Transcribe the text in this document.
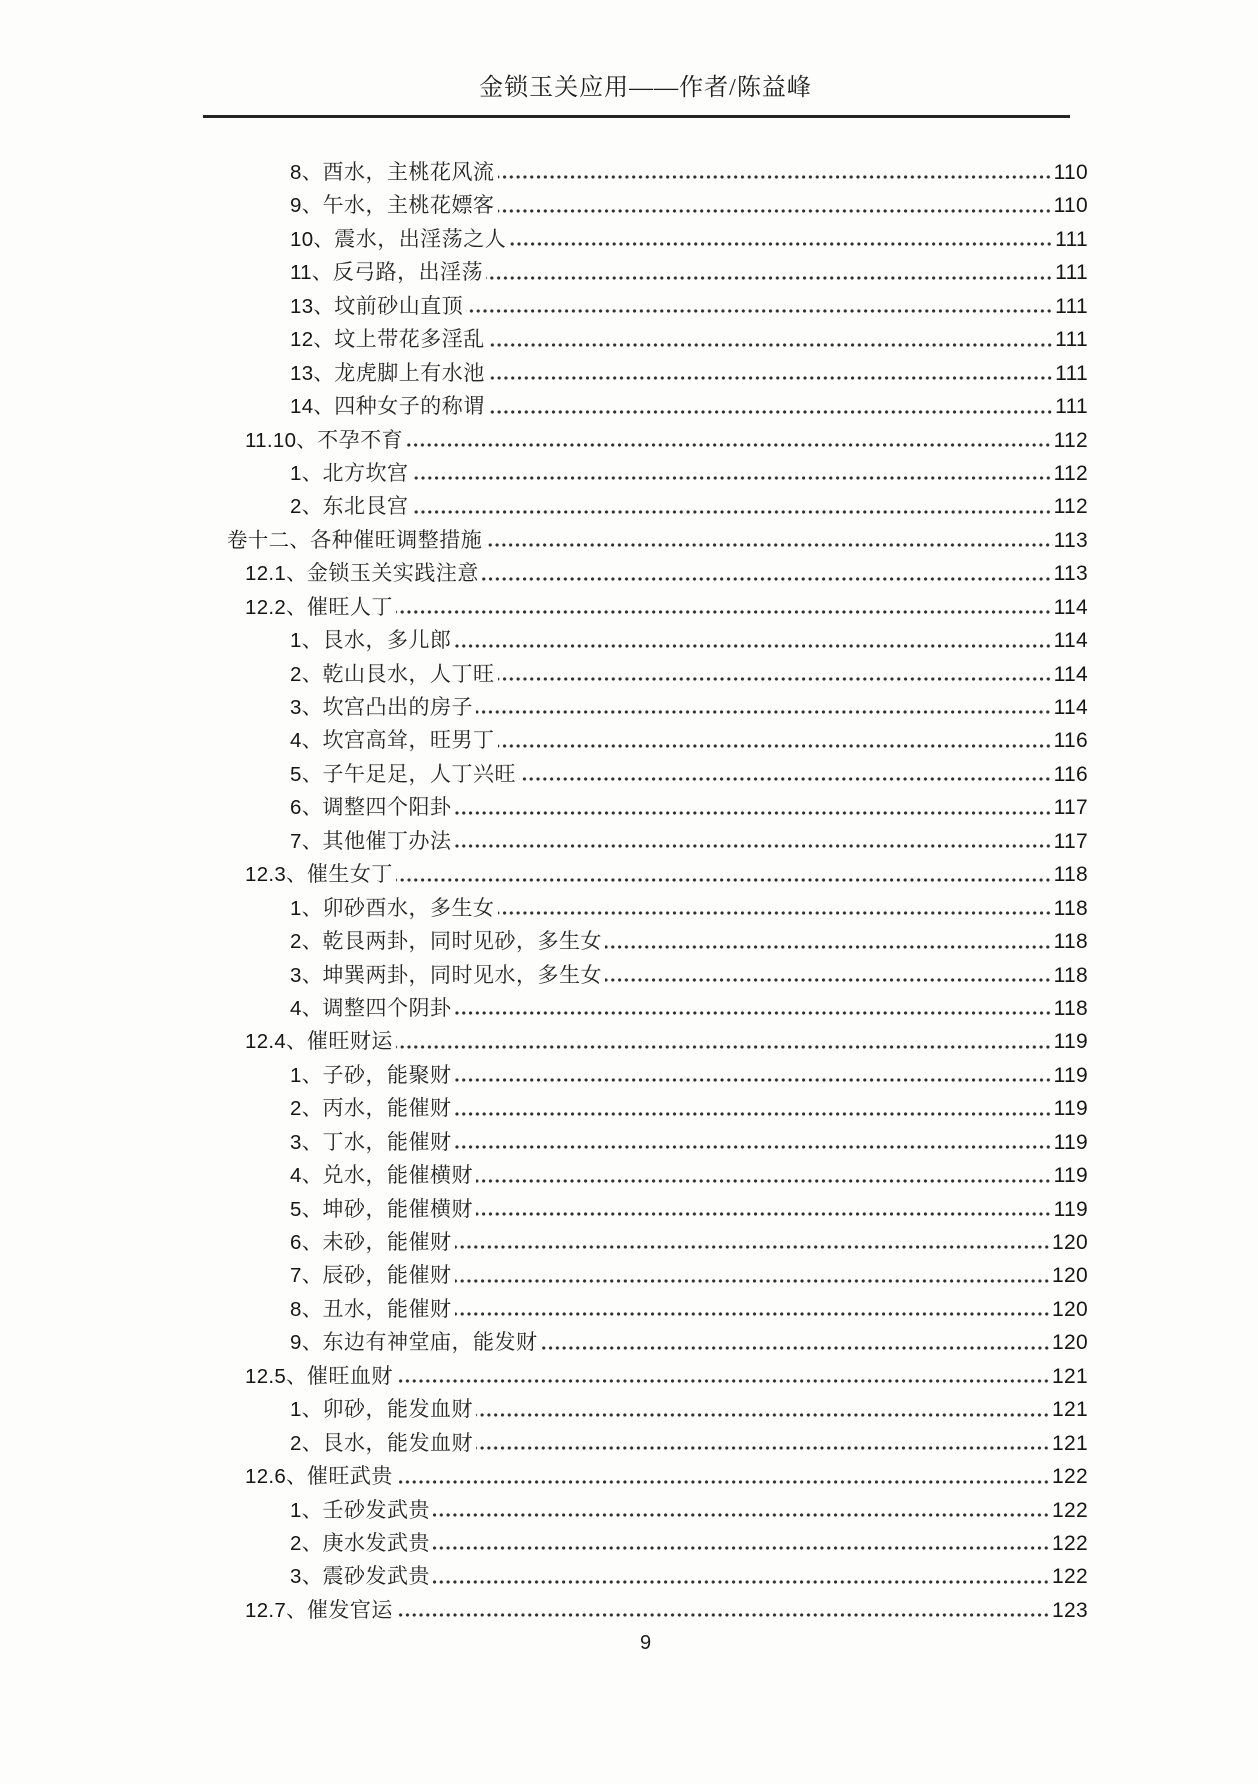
金锁玉关应用——作者/陈益峰
8、 酉水，主桃花风流	110
9、 午水，主桃花嫖客	110
10、 震水，出淫荡之人	111
11、 反弓路，出淫荡	111
13、 坟前砂山直顶	111
12、 坟上带花多淫乱	111
13、 龙虎脚上有水池	111
14、 四种女子的称谓	111
11.10、 不孕不育	112
1、 北方坎宫	112
2、 东北艮宫	112
卷十二、 各种催旺调整措施	113
12.1、 金锁玉关实践注意	113
12.2、 催旺人丁	114
1、 艮水，多儿郎	114
2、 乾山艮水，人丁旺	114
3、 坎宫凸出的房子	114
4、 坎宫高耸，旺男丁	116
5、 子午足足，人丁兴旺	116
6、 调整四个阳卦	117
7、 其他催丁办法	117
12.3、 催生女丁	118
1、 卯砂酉水，多生女	118
2、 乾艮两卦，同时见砂，多生女	118
3、 坤巽两卦，同时见水，多生女	118
4、 调整四个阴卦	118
12.4、 催旺财运	119
1、 子砂，能聚财	119
2、 丙水，能催财	119
3、 丁水，能催财	119
4、 兑水，能催横财	119
5、 坤砂，能催横财	119
6、 未砂，能催财	120
7、 辰砂，能催财	120
8、 丑水，能催财	120
9、 东边有神堂庙，能发财	120
12.5、 催旺血财	121
1、 卯砂，能发血财	121
2、 艮水，能发血财	121
12.6、 催旺武贵	122
1、 壬砂发武贵	122
2、 庚水发武贵	122
3、 震砂发武贵	122
12.7、 催发官运	123
9
